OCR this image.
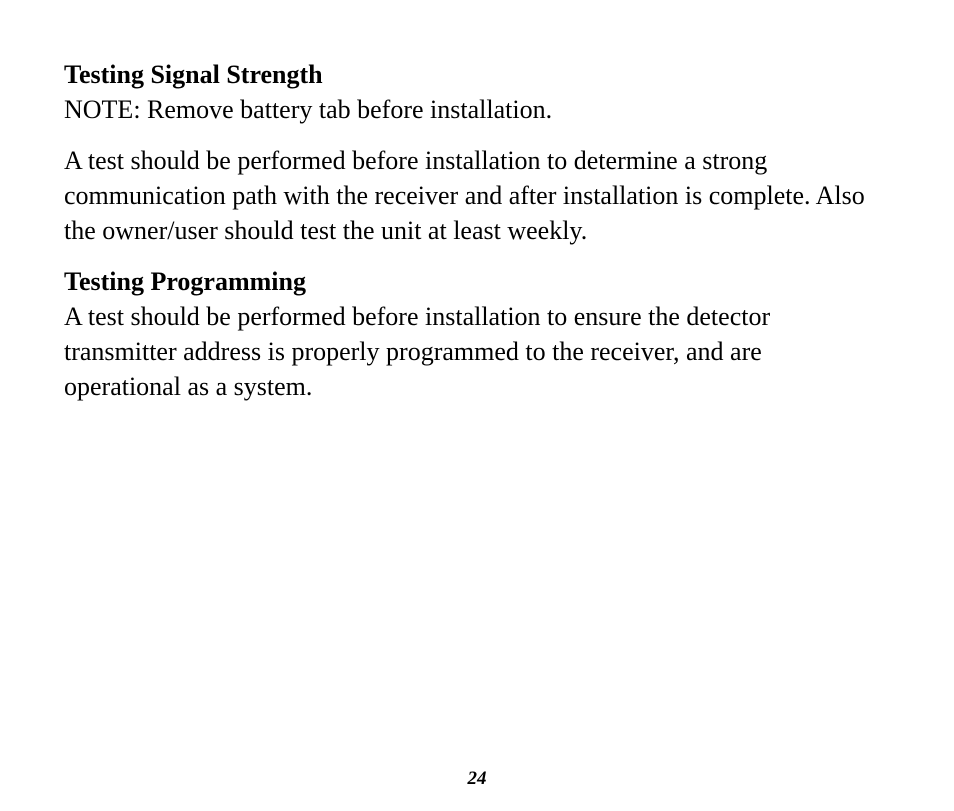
Testing Signal Strength

NOTE: Remove battery tab before installation.

A test should be performed before installation to determine a strong communication path with the receiver and after installation is complete. Also the owner/user should test the unit at least weekly.

Testing Programming

A test should be performed before installation to ensure the detector transmitter address is properly programmed to the receiver, and are operational as a system.

24
